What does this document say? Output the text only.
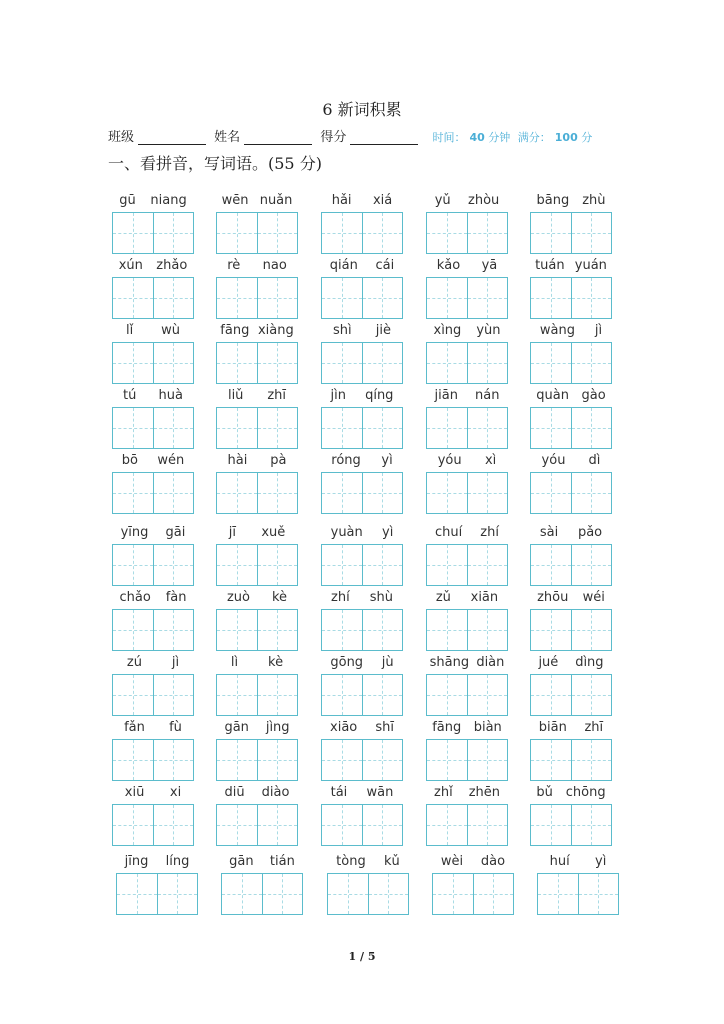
6 新词积累
班级	姓名	得分	时间： 40 分钟 满分： 100 分
一、看拼音，写词语。(55 分)
gū niang	wēn nuǎn	hǎi xiá	yǔ zhòu	bāng zhù
xún zhǎo	rè nao	qián cái	kǎo yā	tuán yuán
lǐ wù	fāng xiàng	shì jiè	xìng yùn	wàng jì
tú huà	liǔ zhī	jìn qíng	jiān nán	quàn gào
bō wén	hài pà	róng yì	yóu xì	yóu dì
yīng gāi	jī xuě	yuàn yì	chuí zhí	sài pǎo
chǎo fàn	zuò kè	zhí shù	zǔ xiān	zhōu wéi
zú jì	lì kè	gōng jù	shāng diàn	jué dìng
fǎn fù	gān jìng	xiāo shī	fāng biàn	biān zhī
xiū xi	diū diào	tái wān	zhǐ zhēn	bǔ chōng
jīng líng	gān tián	tòng kǔ	wèi dào	huí yì
1 / 5
